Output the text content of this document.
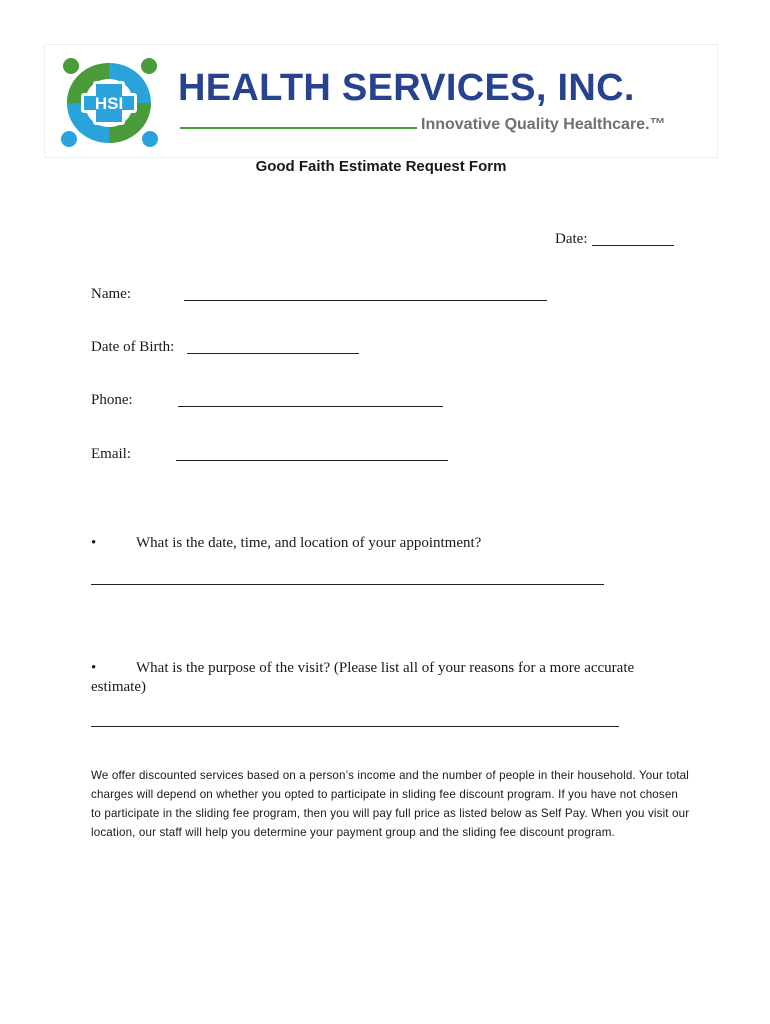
HSI HEALTH SERVICES, INC.
Innovative Quality Healthcare.™
Good Faith Estimate Request Form
Date:
Name:
Date of Birth:
Phone:
Email:
•	What is the date, time, and location of your appointment?
•	What is the purpose of the visit? (Please list all of your reasons for a more accurate
estimate)
We offer discounted services based on a person’s income and the number of people in their household. Your total charges will depend on whether you opted to participate in sliding fee discount program. If you have not chosen to participate in the sliding fee program, then you will pay full price as listed below as Self Pay. When you visit our location, our staff will help you determine your payment group and the sliding fee discount program.
